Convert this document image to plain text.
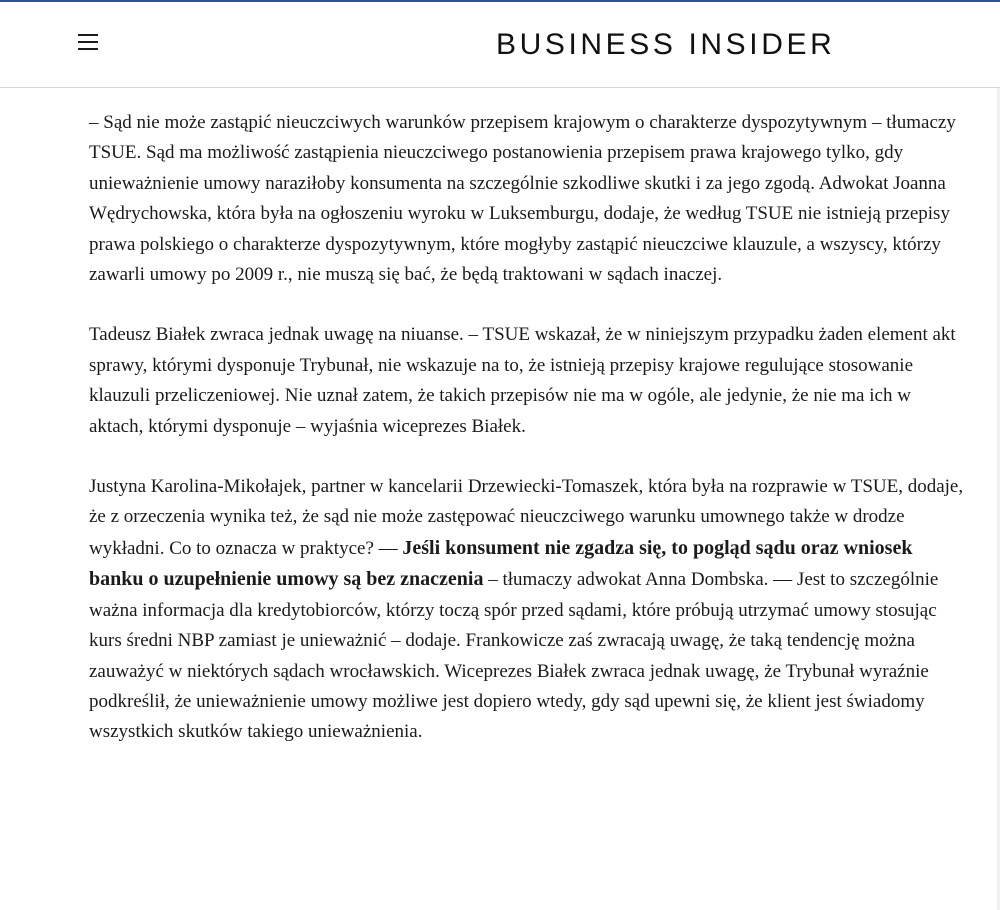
BUSINESS INSIDER

– Sąd nie może zastąpić nieuczciwych warunków przepisem krajowym o charakterze dyspozytywnym – tłumaczy TSUE. Sąd ma możliwość zastąpienia nieuczciwego postanowienia przepisem prawa krajowego tylko, gdy unieważnienie umowy naraziłoby konsumenta na szczególnie szkodliwe skutki i za jego zgodą. Adwokat Joanna Wędrychowska, która była na ogłoszeniu wyroku w Luksemburgu, dodaje, że według TSUE nie istnieją przepisy prawa polskiego o charakterze dyspozytywnym, które mogłyby zastąpić nieuczciwe klauzule, a wszyscy, którzy zawarli umowy po 2009 r., nie muszą się bać, że będą traktowani w sądach inaczej.

Tadeusz Białek zwraca jednak uwagę na niuanse. – TSUE wskazał, że w niniejszym przypadku żaden element akt sprawy, którymi dysponuje Trybunał, nie wskazuje na to, że istnieją przepisy krajowe regulujące stosowanie klauzuli przeliczeniowej. Nie uznał zatem, że takich przepisów nie ma w ogóle, ale jedynie, że nie ma ich w aktach, którymi dysponuje – wyjaśnia wiceprezes Białek.

Justyna Karolina-Mikołajek, partner w kancelarii Drzewiecki-Tomaszek, która była na rozprawie w TSUE, dodaje, że z orzeczenia wynika też, że sąd nie może zastępować nieuczciwego warunku umownego także w drodze wykładni. Co to oznacza w praktyce? — Jeśli konsument nie zgadza się, to pogląd sądu oraz wniosek banku o uzupełnienie umowy są bez znaczenia – tłumaczy adwokat Anna Dombska. — Jest to szczególnie ważna informacja dla kredytobiorców, którzy toczą spór przed sądami, które próbują utrzymać umowy stosując kurs średni NBP zamiast je unieważnić – dodaje. Frankowicze zaś zwracają uwagę, że taką tendencję można zauważyć w niektórych sądach wrocławskich. Wiceprezes Białek zwraca jednak uwagę, że Trybunał wyraźnie podkreślił, że unieważnienie umowy możliwe jest dopiero wtedy, gdy sąd upewni się, że klient jest świadomy wszystkich skutków takiego unieważnienia.
